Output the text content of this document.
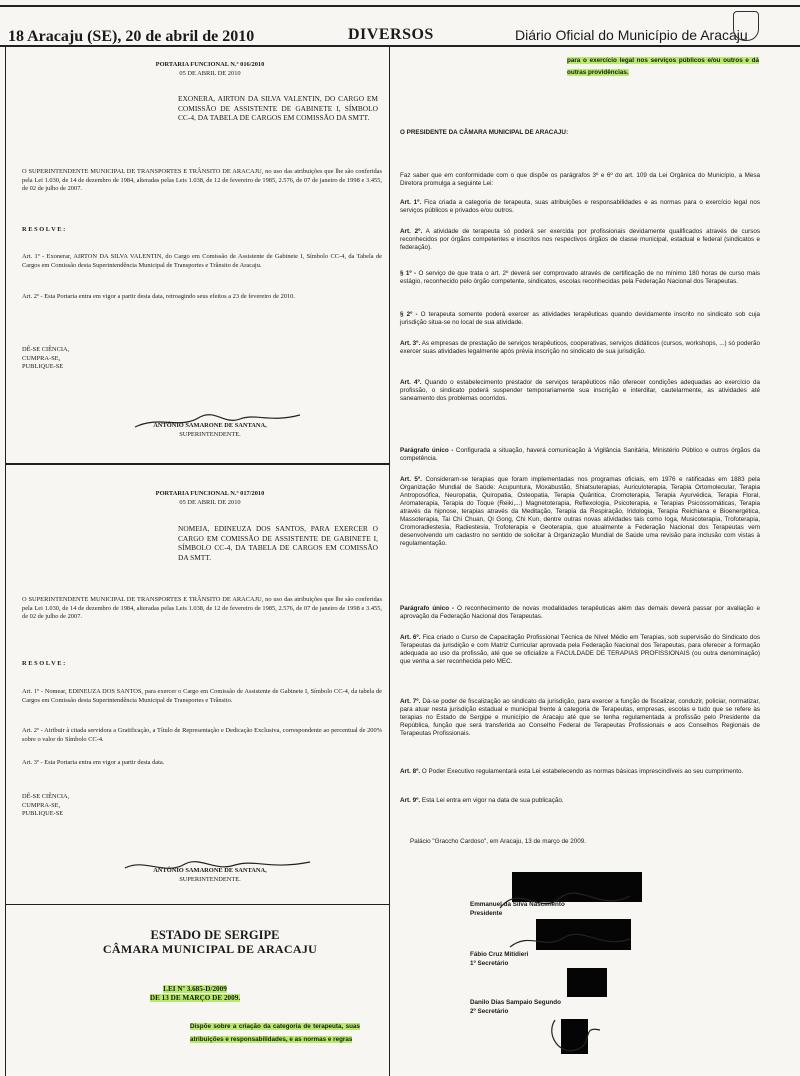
18 Aracaju (SE), 20 de abril de 2010	DIVERSOS	Diário Oficial do Município de Aracaju
PORTARIA FUNCIONAL N.º 016/2010
05 DE ABRIL DE 2010
EXONERA, AIRTON DA SILVA VALENTIN, DO CARGO EM COMISSÃO DE ASSISTENTE DE GABINETE I, SÍMBOLO CC-4, DA TABELA DE CARGOS EM COMISSÃO DA SMTT.
O SUPERINTENDENTE MUNICIPAL DE TRANSPORTES E TRÂNSITO DE ARACAJU, no uso das atribuições que lhe são conferidas pela Lei 1.030, de 14 de dezembro de 1984, alteradas pelas Leis 1.038, de 12 de fevereiro de 1985, 2.576, de 07 de janeiro de 1998 e 3.455, de 02 de julho de 2007.
R E S O L V E :
Art. 1º - Exonerar, AIRTON DA SILVA VALENTIN, do Cargo em Comissão de Assistente de Gabinete I, Símbolo CC-4, da Tabela de Cargos em Comissão desta Superintendência Municipal de Transportes e Trânsito de Aracaju.
Art. 2º - Esta Portaria entra em vigor a partir desta data, retroagindo seus efeitos a 23 de fevereiro de 2010.

DÊ-SE CIÊNCIA,

CUMPRA-SE,

PUBLIQUE-SE

ANTÔNIO SAMARONE DE SANTANA,
SUPERINTENDENTE.
PORTARIA FUNCIONAL N.º 017/2010
05 DE ABRIL DE 2010
NOMEIA, EDINEUZA DOS SANTOS, PARA EXERCER O CARGO EM COMISSÃO DE ASSISTENTE DE GABINETE I, SÍMBOLO CC-4, DA TABELA DE CARGOS EM COMISSÃO DA SMTT.
O SUPERINTENDENTE MUNICIPAL DE TRANSPORTES E TRÂNSITO DE ARACAJU, no uso das atribuições que lhe são conferidas pela Lei 1.030, de 14 de dezembro de 1984, alteradas pelas Leis 1.038, de 12 de fevereiro de 1985, 2.576, de 07 de janeiro de 1998 e 3.455, de 02 de julho de 2007.
R E S O L V E :
Art. 1º - Nomear, EDINEUZA DOS SANTOS, para exercer o Cargo em Comissão de Assistente de Gabinete I, Símbolo CC-4, da tabela de Cargos em Comissão desta Superintendência Municipal de Transportes e Trânsito.
Art. 2º - Atribuir à citada servidora a Gratificação, a Título de Representação e Dedicação Exclusiva, correspondente ao percentual de 200% sobre o valor do Símbolo CC-4.
Art. 3º - Esta Portaria entra em vigor a partir desta data.

DÊ-SE CIÊNCIA,

CUMPRA-SE,

PUBLIQUE-SE

ANTÔNIO SAMARONE DE SANTANA,
SUPERINTENDENTE.
ESTADO DE SERGIPE
CÂMARA MUNICIPAL DE ARACAJU
LEI Nº 3.685-D/2009
DE 13 DE MARÇO DE 2009.
Dispõe sobre a criação da categoria de terapeuta, suas atribuições e responsabilidades, e as normas e regras
para o exercício legal nos serviços públicos e/ou outros e dá outras providências.
O PRESIDENTE DA CÂMARA MUNICIPAL DE ARACAJU:
Faz saber que em conformidade com o que dispõe os parágrafos 3º e 6º do art. 109 da Lei Orgânica do Município, a Mesa Diretora promulga a seguinte Lei:
Art. 1º. Fica criada a categoria de terapeuta, suas atribuições e responsabilidades e as normas para o exercício legal nos serviços públicos e privados e/ou outros.
Art. 2º. A atividade de terapeuta só poderá ser exercida por profissionais devidamente qualificados através de cursos reconhecidos por órgãos competentes e inscritos nos respectivos órgãos de classe municipal, estadual e federal (sindicatos e federação).
§ 1º - O serviço de que trata o art. 2º deverá ser comprovado através de certificação de no mínimo 180 horas de curso mais estágio, reconhecido pelo órgão competente, sindicatos, escolas reconhecidas pela Federação Nacional dos Terapeutas.
§ 2º - O terapeuta somente poderá exercer as atividades terapêuticas quando devidamente inscrito no sindicato sob cuja jurisdição situa-se no local de sua atividade.
Art. 3º. As empresas de prestação de serviços terapêuticos, cooperativas, serviços didáticos (cursos, workshops, ...) só poderão exercer suas atividades legalmente após prévia inscrição no sindicato de sua jurisdição.
Art. 4º. Quando o estabelecimento prestador de serviços terapêuticos não oferecer condições adequadas ao exercício da profissão, o sindicato poderá suspender temporariamente sua inscrição e interditar, cautelarmente, as atividades até saneamento dos problemas ocorridos.
Parágrafo único - Configurada a situação, haverá comunicação à Vigilância Sanitária, Ministério Público e outros órgãos da competência.
Art. 5º. Consideram-se terapias que foram implementadas nos programas oficiais, em 1976 e ratificadas em 1883 pela Organização Mundial de Saúde: Acupuntura, Moxabustão, Shiatsuterapias, Auriculoterapia, Terapia Ortomolecular, Terapia Antroposófica, Neuropatia, Quiropatia, Osteopatia, Terapia Quântica, Cromoterapia, Terapia Ayurvédica, Terapia Floral, Aromaterapia, Terapia do Toque (Reiki,...) Magnetoterapia, Reflexologia, Psicoterapia, e Terapias Psicossomáticas, Terapia através da hipnose, terapias através da Meditação, Terapia da Respiração, Iridologia, Terapia Reichiana e Bioenergética, Massoterapia, Tai Chi Chuan, Qi Gong, Chi Kun, dentre outras novas atividades tais como Ioga, Musicoterapia, Trofoterapia, Cromoradiestesia, Radiestesia, Trofoterapia e Geoterapia, que atualmente a Federação Nacional dos Terapeutas vem desenvolvendo um cadastro no sentido de solicitar à Organização Mundial de Saúde uma revisão para inclusão com vistas à regulamentação.
Parágrafo único - O reconhecimento de novas modalidades terapêuticas além das demais deverá passar por avaliação e aprovação da Federação Nacional dos Terapeutas.
Art. 6º. Fica criado o Curso de Capacitação Profissional Técnica de Nível Médio em Terapias, sob supervisão do Sindicato dos Terapeutas da jurisdição e com Matriz Curricular aprovada pela Federação Nacional dos Terapeutas, para oferecer a formação adequada ao uso da profissão, até que se oficialize a FACULDADE DE TERAPIAS PROFISSIONAIS (ou outra denominação) que venha a ser reconhecida pelo MEC.
Art. 7º. Dá-se poder de fiscalização ao sindicato da jurisdição, para exercer a função de fiscalizar, conduzir, policiar, normatizar, para atuar nesta jurisdição estadual e municipal frente à categoria de Terapeutas, empresas, escolas e tudo que se refere às terapias no Estado de Sergipe e município de Aracaju até que se tenha regulamentada a profissão pelo Presidente da República, função que será transferida ao Conselho Federal de Terapeutas Profissionais e aos Conselhos Regionais de Terapeutas Profissionais.
Art. 8º. O Poder Executivo regulamentará esta Lei estabelecendo as normas básicas imprescindíveis ao seu cumprimento.
Art. 9º. Esta Lei entra em vigor na data de sua publicação.
Palácio "Graccho Cardoso", em Aracaju, 13 de março de 2009.
Emmanuel da Silva Nascimento
Presidente
Fábio Cruz Mitidieri
1º Secretário
Danilo Dias Sampaio Segundo
2º Secretário
